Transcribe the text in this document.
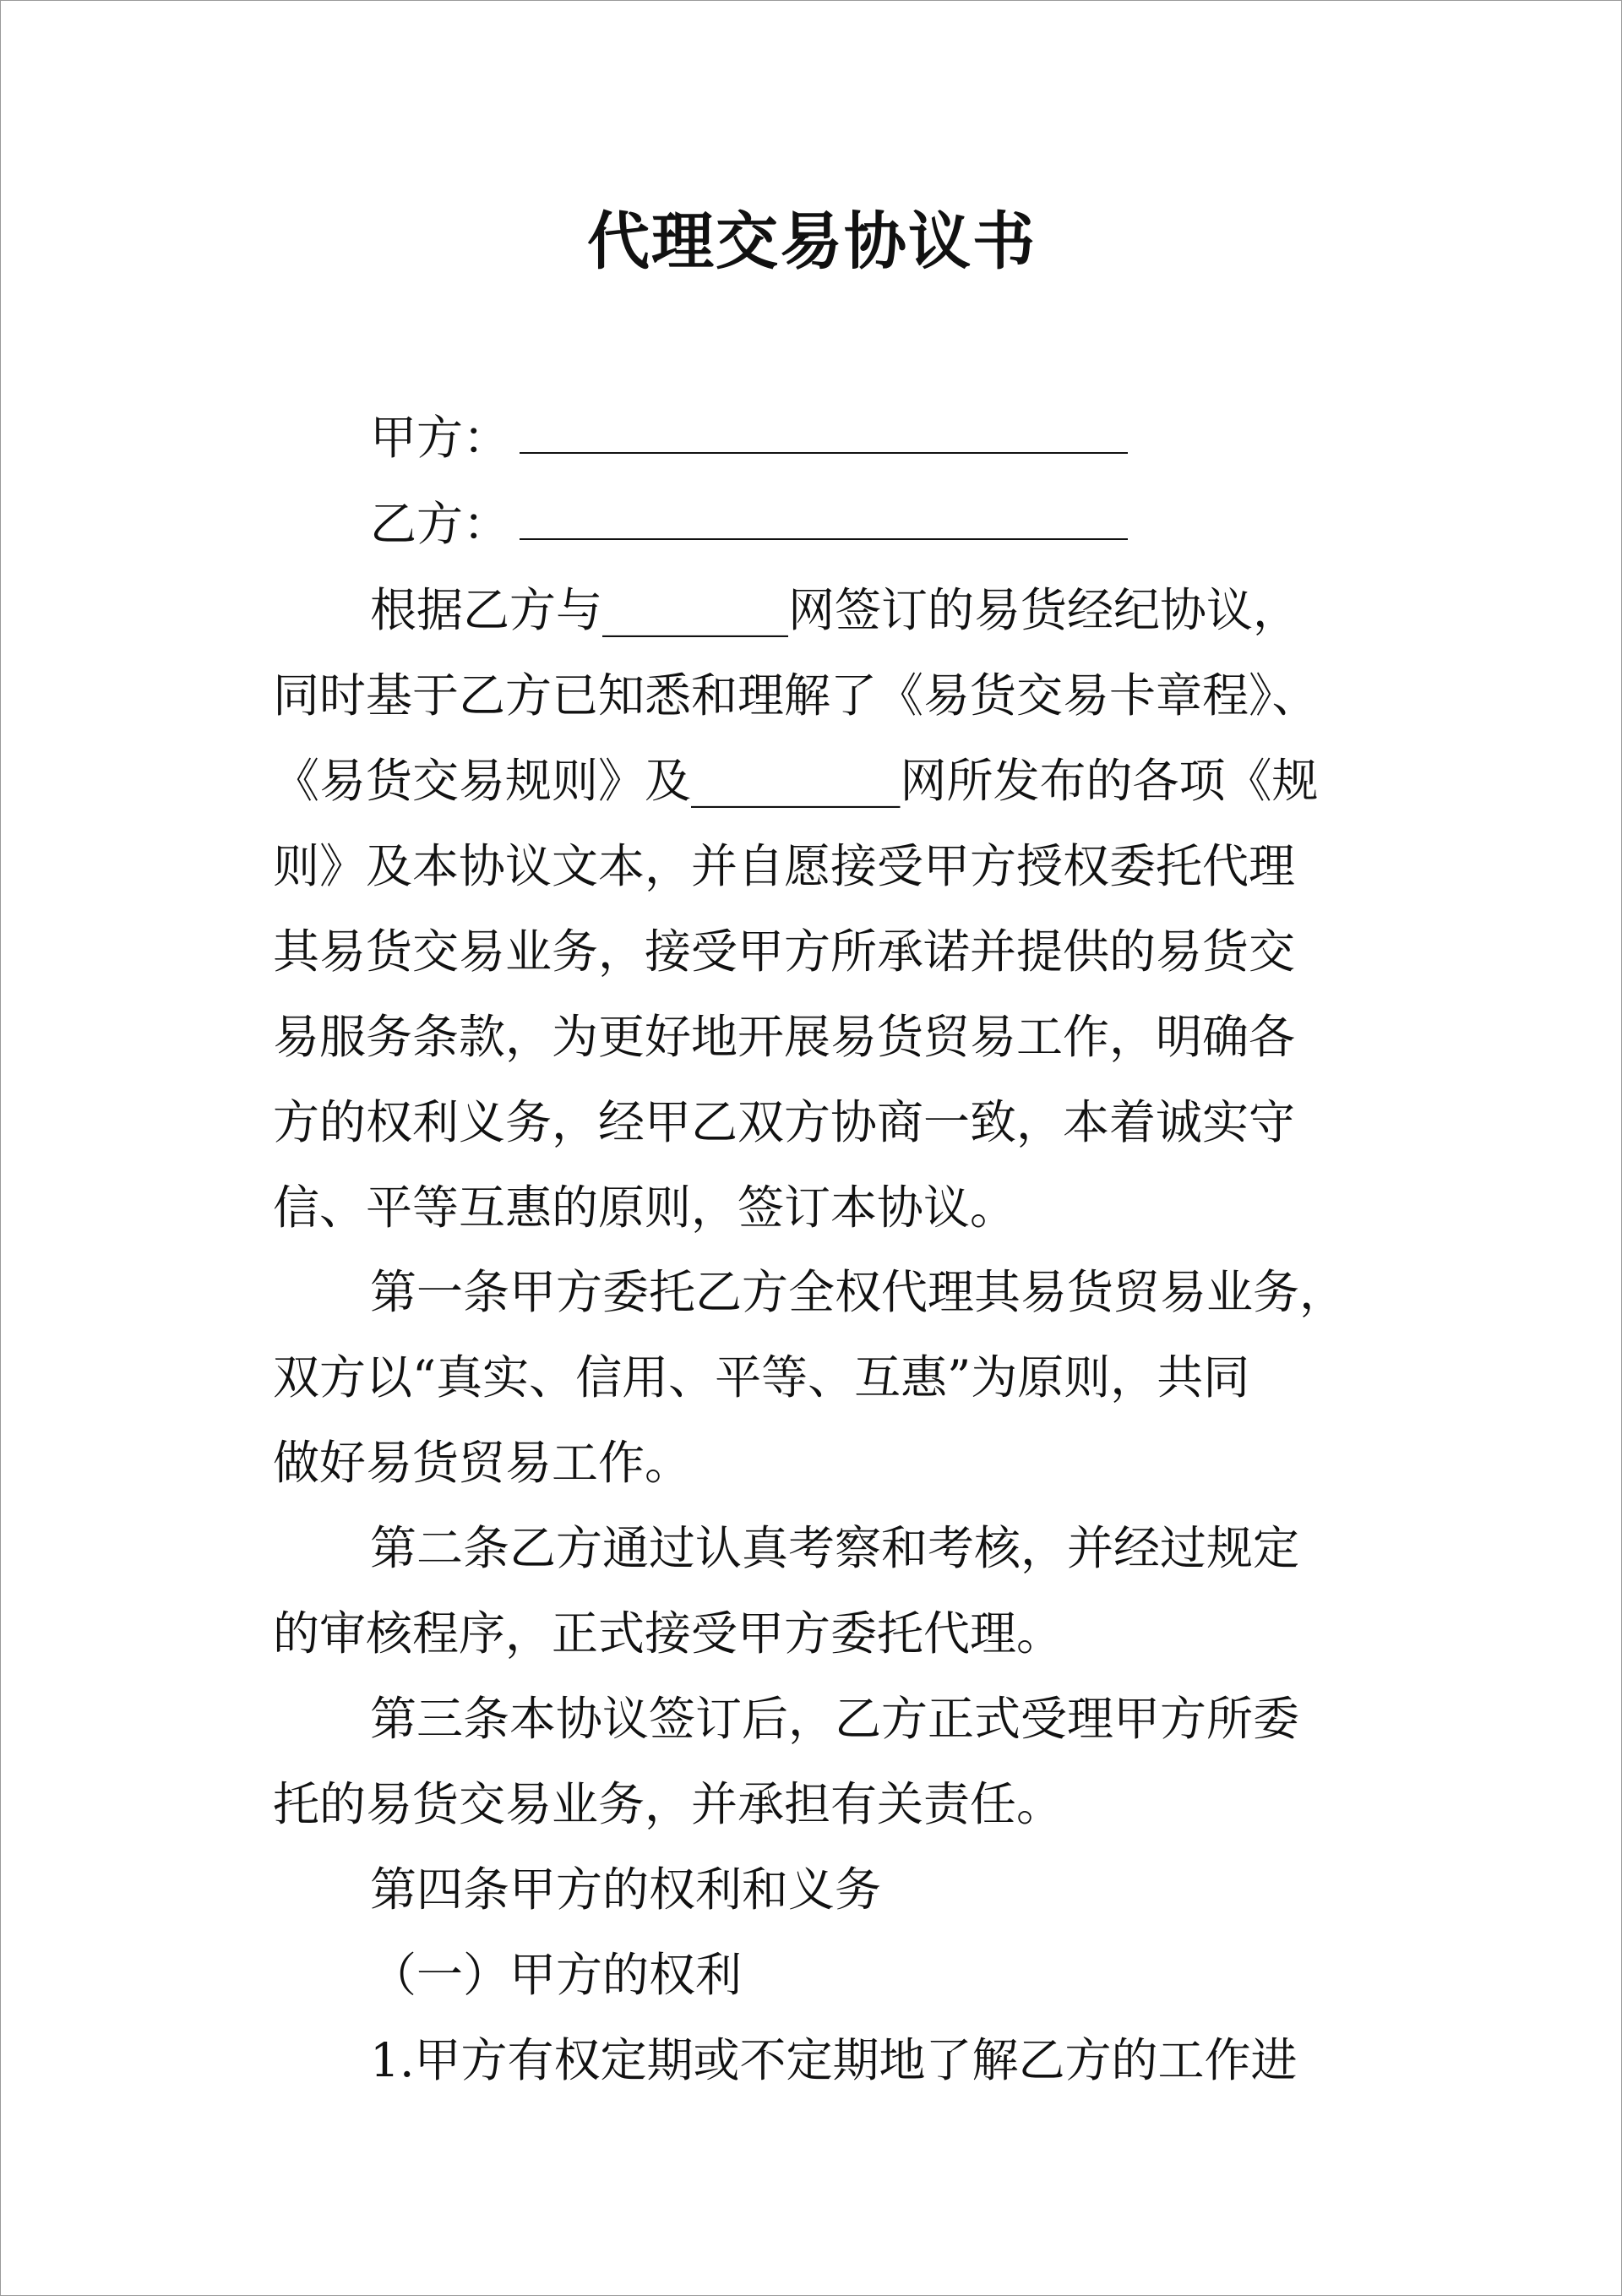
代理交易协议书
甲方：
乙方：
根据乙方与________网签订的易货经纪协议，
同时基于乙方已知悉和理解了《易货交易卡章程》、
《易货交易规则》及_________网所发布的各项《规
则》及本协议文本，并自愿接受甲方授权委托代理
其易货交易业务，接受甲方所承诺并提供的易货交
易服务条款，为更好地开展易货贸易工作，明确各
方的权利义务，经甲乙双方协商一致，本着诚实守
信、平等互惠的原则，签订本协议。
第一条甲方委托乙方全权代理其易货贸易业务，
双方以“真实、信用、平等、互惠”为原则，共同
做好易货贸易工作。
第二条乙方通过认真考察和考核，并经过规定
的审核程序，正式接受甲方委托代理。
第三条本协议签订后，乙方正式受理甲方所委
托的易货交易业务，并承担有关责任。
第四条甲方的权利和义务
（一）甲方的权利
1.甲方有权定期或不定期地了解乙方的工作进
